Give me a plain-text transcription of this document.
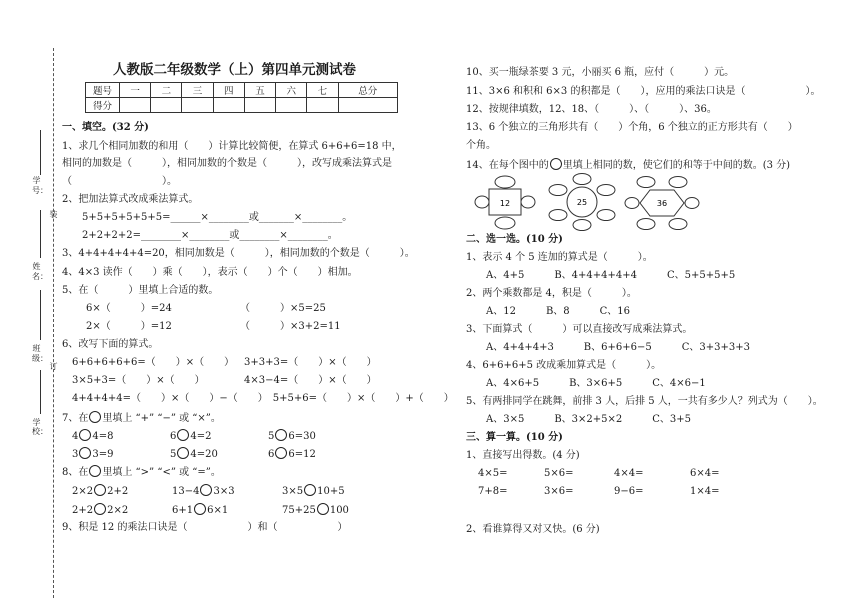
装
订
学
号：
姓
名：
班
级：
学校：
人教版二年级数学（上）第四单元测试卷
题号	一	二	三	四	五	六	七	总分
得分								
一、填空。(32 分)
1、求几个相同加数的和用（　　）计算比较简便，在算式 6+6+6=18 中，
相同的加数是（　　　），相同加数的个数是（　　　），改写成乘法算式是
（　　　　　　　　　）。
2、把加法算式改成乘法算式。
5+5+5+5+5+5=______×________或_______×________。
2+2+2+2=________×________或________×________。
3、4+4+4+4+4=20，相同加数是（　　　），相同加数的个数是（　　　）。
4、4×3 读作（　　）乘（　　），表示（　　）个（　　）相加。
5、在（　　　）里填上合适的数。
6×（　　　）=24	（　　　）×5=25
2×（　　　）=12	（　　　）×3+2=11
6、改写下面的算式。
6+6+6+6+6=（　　）×（　　） 3+3+3=（　　）×（　　）
3×5+3=（　　）×（　　）	4×3−4=（　　）×（　　）
4+4+4+4=（　　）×（　　）−（　　）　5+5+6=（　　）×（　　）+（　　）
7、在 里填上 “+” “−” 或 “×”。
4 4=8	6 4=2	5 6=30
3 3=9	5 4=20	6 6=12
8、在 里填上 “>” “<” 或 “=”。
2×2 2+2	13−4 3×3	3×5 10+5
2+2 2×2	6+1 6×1	75+25 100
9、积是 12 的乘法口诀是（　　　　　　）和（　　　　　　）
10、买一瓶绿茶要 3 元，小丽买 6 瓶，应付（　　　）元。
11、3×6 和积和 6×3 的积都是（　　），应用的乘法口诀是（　　　　　　）。
12、按规律填数，12、18、（　　　）、（　　　）、36。
13、6 个独立的三角形共有（　　）个角，6 个独立的正方形共有（　　）
个角。
14、在每个图中的 里填上相同的数，使它们的和等于中间的数。(3 分)
12	25	36
二、选一选。(10 分)
1、表示 4 个 5 连加的算式是（　　　）。
A、4+5　　　B、4+4+4+4+4　　　C、5+5+5+5
2、两个乘数都是 4，积是（　　　）。
A、12　　　B、8　　　C、16
3、下面算式（　　　）可以直接改写成乘法算式。
A、4+4+4+3　　　B、6+6+6−5　　　C、3+3+3+3
4、6+6+6+5 改成乘加算式是（　　　）。
A、4×6+5　　　B、3×6+5　　　C、4×6−1
5、有两排同学在跳舞，前排 3 人，后排 5 人，一共有多少人？列式为（　　）。
A、3×5　　　B、3×2+5×2　　　C、3+5
三、算一算。(10 分)
1、直接写出得数。(4 分)
4×5=	5×6=	4×4=	6×4=
7+8=	3×6=	9−6=	1×4=
2、看谁算得又对又快。(6 分)
